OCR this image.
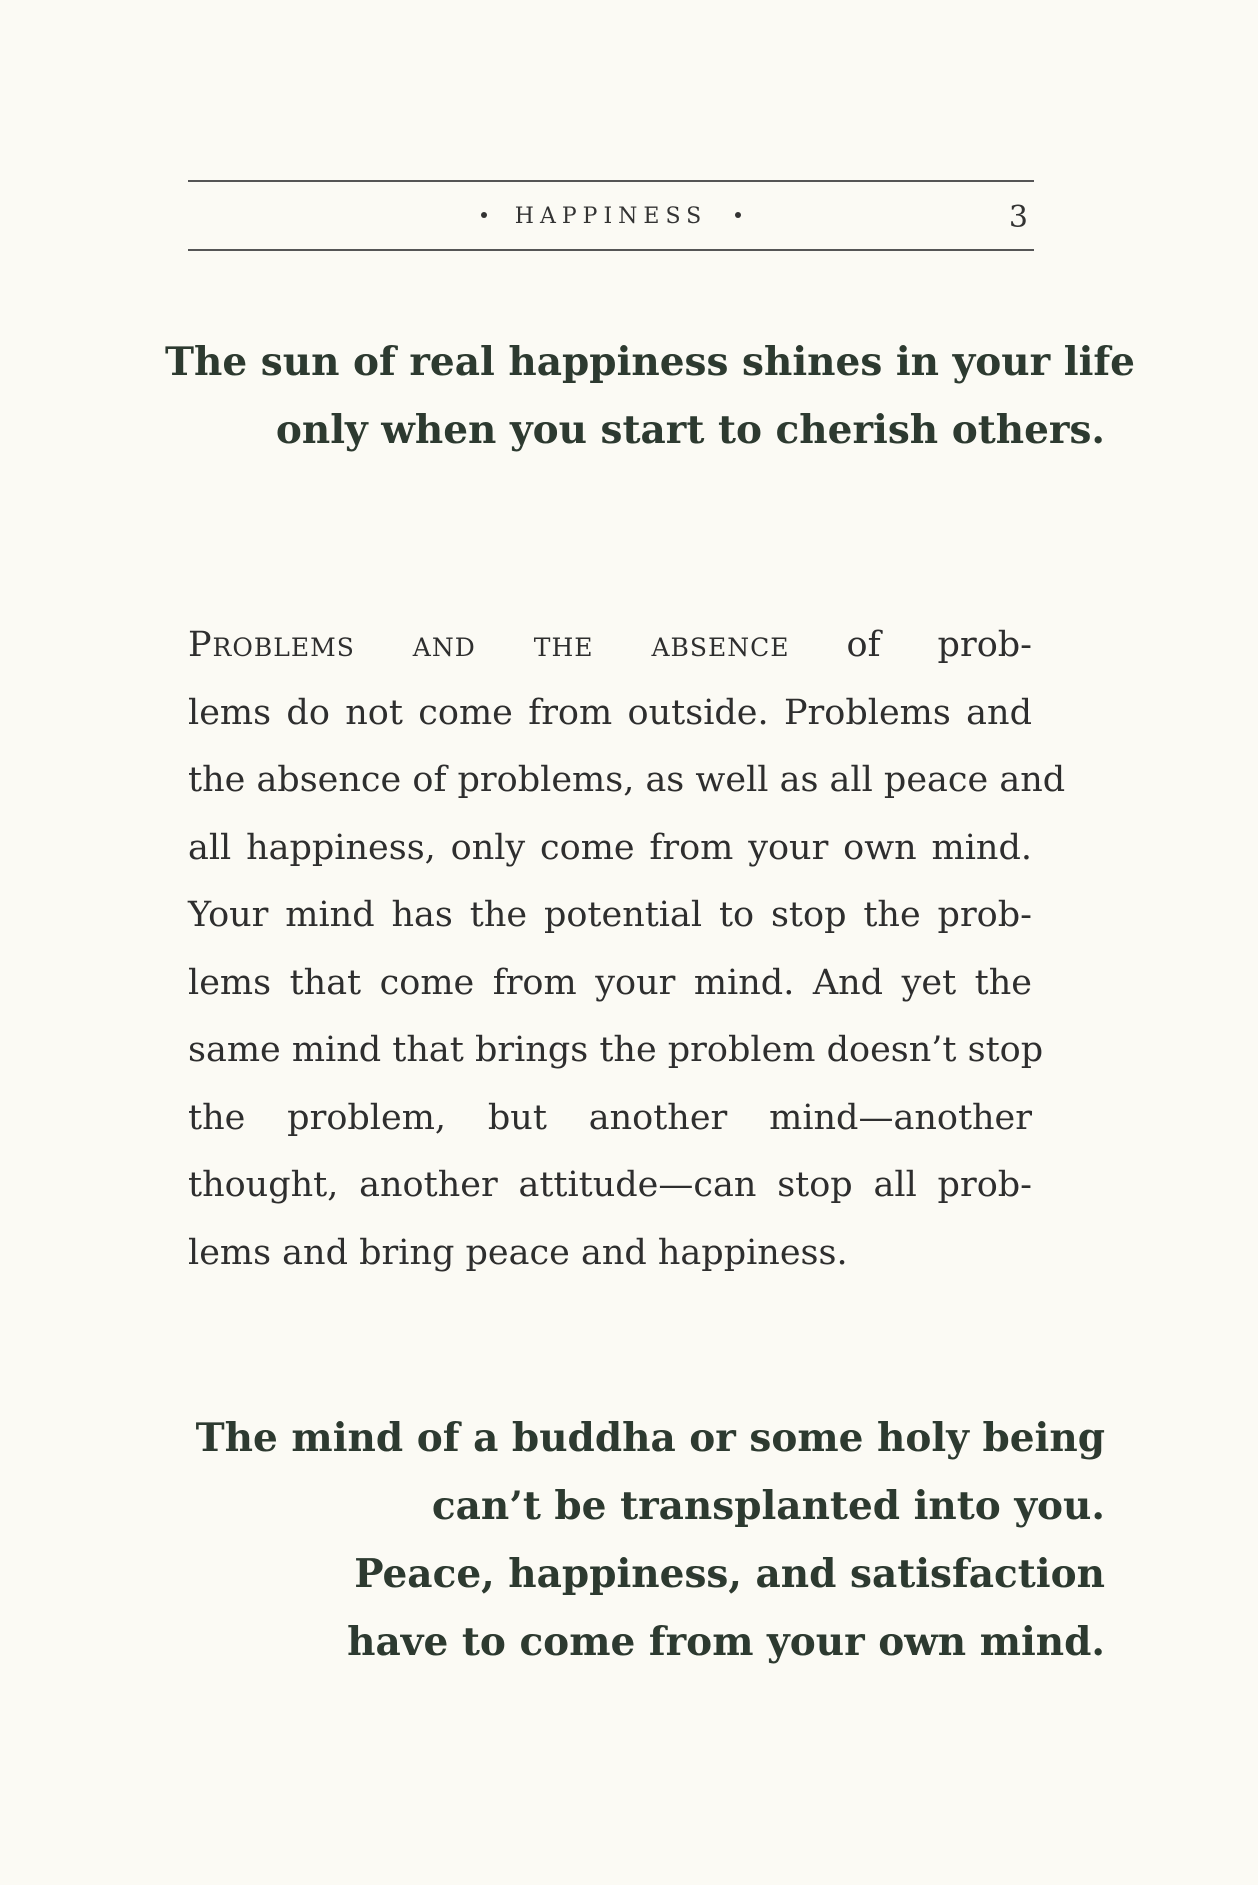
HAPPINESS	3
The sun of real happiness shines in your life
only when you start to cherish others.
Problems and the absence of prob-
lems do not come from outside. Problems and
the absence of problems, as well as all peace and
all happiness, only come from your own mind.
Your mind has the potential to stop the prob-
lems that come from your mind. And yet the
same mind that brings the problem doesn’t stop
the problem, but another mind—another
thought, another attitude—can stop all prob-
lems and bring peace and happiness.
The mind of a buddha or some holy being
can’t be transplanted into you.
Peace, happiness, and satisfaction
have to come from your own mind.
